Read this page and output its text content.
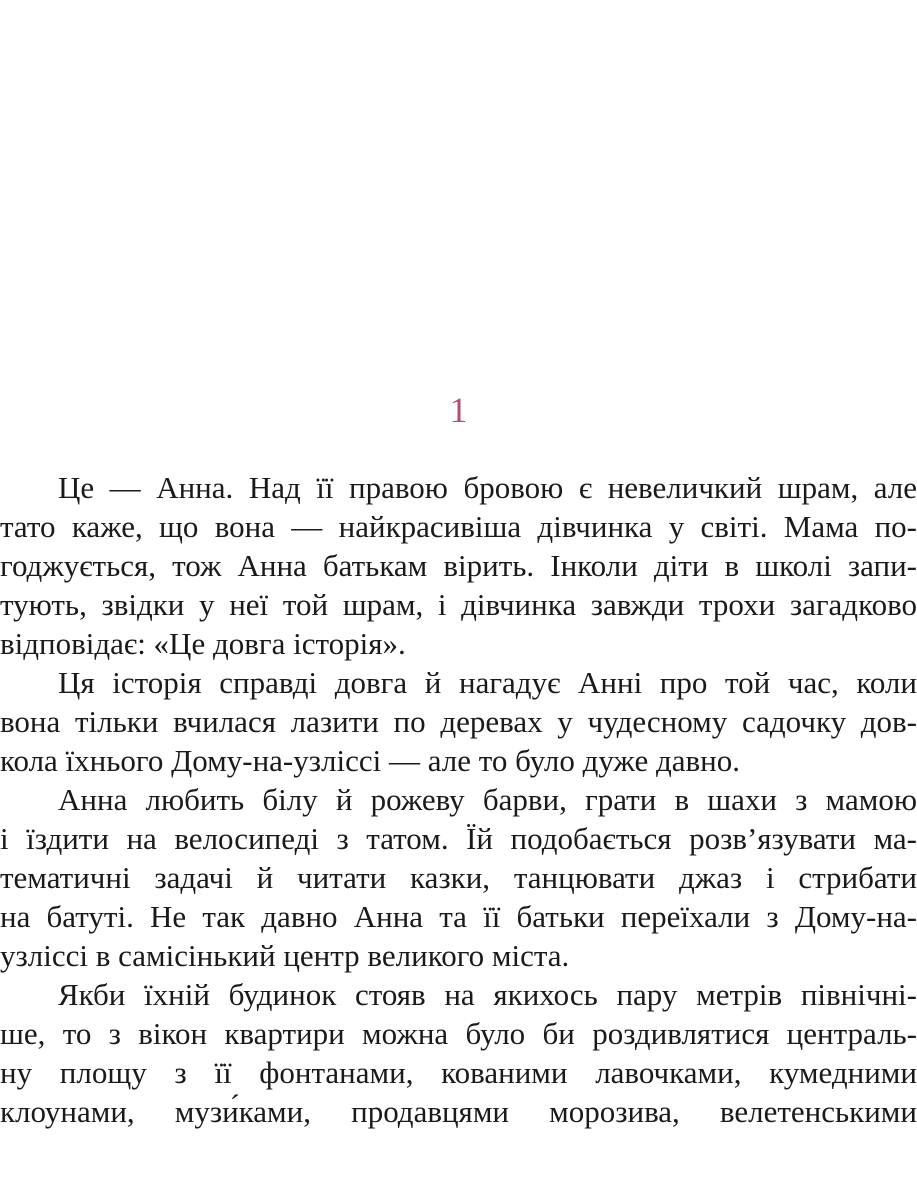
1
Це — Анна. Над її правою бровою є невеличкий шрам, але
тато каже, що вона — найкрасивіша дівчинка у світі. Мама по-
годжується, тож Анна батькам вірить. Інколи діти в школі запи-
тують, звідки у неї той шрам, і дівчинка завжди трохи загадково
відповідає: «Це довга історія».
Ця історія справді довга й нагадує Анні про той час, коли
вона тільки вчилася лазити по деревах у чудесному садочку дов-
кола їхнього Дому-на-узліссі — але то було дуже давно.
Анна любить білу й рожеву барви, грати в шахи з мамою
і їздити на велосипеді з татом. Їй подобається розв’язувати ма-
тематичні задачі й читати казки, танцювати джаз і стрибати
на батуті. Не так давно Анна та її батьки переїхали з Дому-на-
узліссі в самісінький центр великого міста.
Якби їхній будинок стояв на якихось пару метрів північні-
ше, то з вікон квартири можна було би роздивлятися централь-
ну площу з її фонтанами, кованими лавочками, кумедними
клоунами, музи́ками, продавцями морозива, велетенськими
